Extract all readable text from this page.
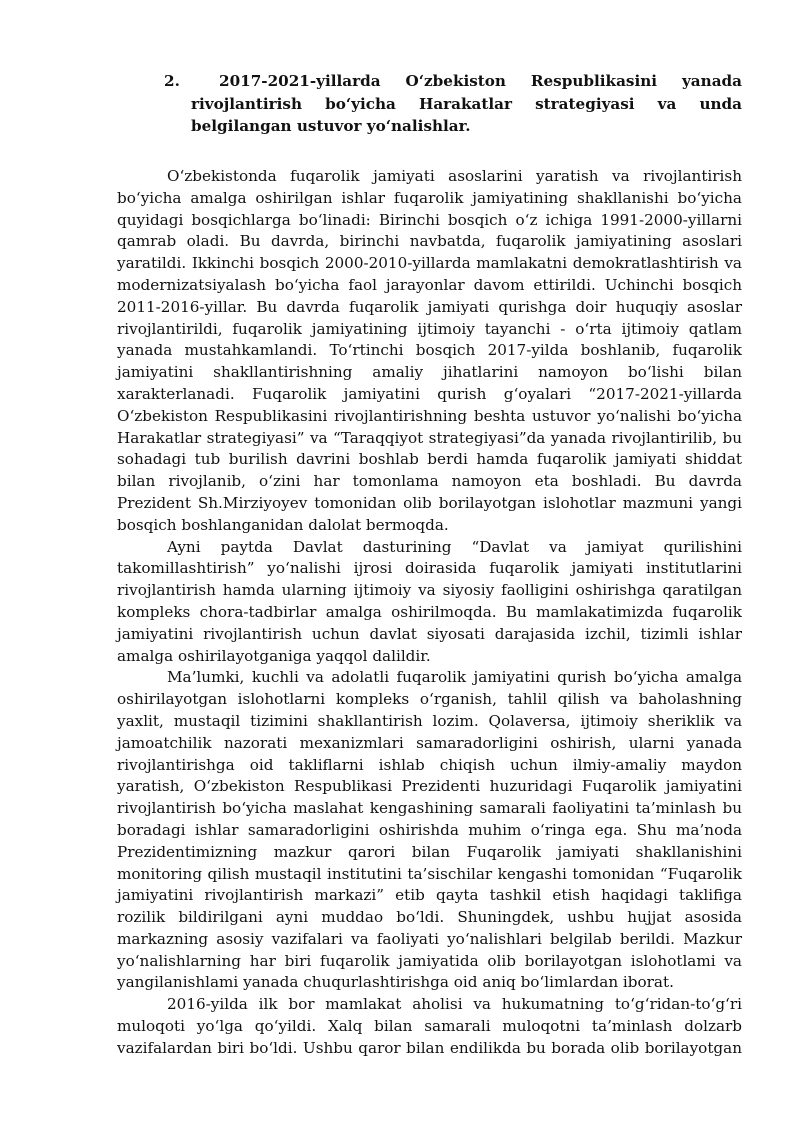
2.	2017-2021-yillarda O‘zbekiston Respublikasini yanada rivojlantirish bo‘yicha Harakatlar strategiyasi va unda belgilangan ustuvor yo‘nalishlar.

O‘zbekistonda fuqarolik jamiyati asoslarini yaratish va rivojlantirish bo‘yicha amalga oshirilgan ishlar fuqarolik jamiyatining shakllanishi bo‘yicha quyidagi bosqichlarga bo‘linadi: Birinchi bosqich o‘z ichiga 1991-2000-yillarni qamrab oladi. Bu davrda, birinchi navbatda, fuqarolik jamiyatining asoslari yaratildi. Ikkinchi bosqich 2000-2010-yillarda mamlakatni demokratlashtirish va modernizatsiyalash bo‘yicha faol jarayonlar davom ettirildi. Uchinchi bosqich 2011-2016-yillar. Bu davrda fuqarolik jamiyati qurishga doir huquqiy asoslar rivojlantirildi, fuqarolik jamiyatining ijtimoiy tayanchi - o‘rta ijtimoiy qatlam yanada mustahkamlandi. To‘rtinchi bosqich 2017-yilda boshlanib, fuqarolik jamiyatini shakllantirishning amaliy jihatlarini namoyon bo‘lishi bilan xarakterlanadi. Fuqarolik jamiyatini qurish g‘oyalari “2017-2021-yillarda O‘zbekiston Respublikasini rivojlantirishning beshta ustuvor yo‘nalishi bo‘yicha Harakatlar strategiyasi” va “Taraqqiyot strategiyasi”da yanada rivojlantirilib, bu sohadagi tub burilish davrini boshlab berdi hamda fuqarolik jamiyati shiddat bilan rivojlanib, o‘zini har tomonlama namoyon eta boshladi. Bu davrda Prezident Sh.Mirziyoyev tomonidan olib borilayotgan islohotlar mazmuni yangi bosqich boshlanganidan dalolat bermoqda.

Ayni paytda Davlat dasturining “Davlat va jamiyat qurilishini takomillashtirish” yo‘nalishi ijrosi doirasida fuqarolik jamiyati institutlarini rivojlantirish hamda ularning ijtimoiy va siyosiy faolligini oshirishga qaratilgan kompleks chora-tadbirlar amalga oshirilmoqda. Bu mamlakatimizda fuqarolik jamiyatini rivojlantirish uchun davlat siyosati darajasida izchil, tizimli ishlar amalga oshirilayotganiga yaqqol dalildir.

Ma’lumki, kuchli va adolatli fuqarolik jamiyatini qurish bo‘yicha amalga oshirilayotgan islohotlarni kompleks o‘rganish, tahlil qilish va baholashning yaxlit, mustaqil tizimini shakllantirish lozim. Qolaversa, ijtimoiy sheriklik va jamoatchilik nazorati mexanizmlari samaradorligini oshirish, ularni yanada rivojlantirishga oid takliflarni ishlab chiqish uchun ilmiy-amaliy maydon yaratish, O‘zbekiston Respublikasi Prezidenti huzuridagi Fuqarolik jamiyatini rivojlantirish bo‘yicha maslahat kengashining samarali faoliyatini ta’minlash bu boradagi ishlar samaradorligini oshirishda muhim o‘ringa ega. Shu ma’noda Prezidentimizning mazkur qarori bilan Fuqarolik jamiyati shakllanishini monitoring qilish mustaqil institutini ta’sischilar kengashi tomonidan “Fuqarolik jamiyatini rivojlantirish markazi” etib qayta tashkil etish haqidagi taklifiga rozilik bildirilgani ayni muddao bo‘ldi. Shuningdek, ushbu hujjat asosida markazning asosiy vazifalari va faoliyati yo‘nalishlari belgilab berildi. Mazkur yo‘nalishlarning har biri fuqarolik jamiyatida olib borilayotgan islohotlami va yangilanishlami yanada chuqurlashtirishga oid aniq bo‘limlardan iborat.

2016-yilda ilk bor mamlakat aholisi va hukumatning to‘g‘ridan-to‘g‘ri muloqoti yo‘lga qo‘yildi. Xalq bilan samarali muloqotni ta’minlash dolzarb vazifalardan biri bo‘ldi. Ushbu qaror bilan endilikda bu borada olib borilayotgan
